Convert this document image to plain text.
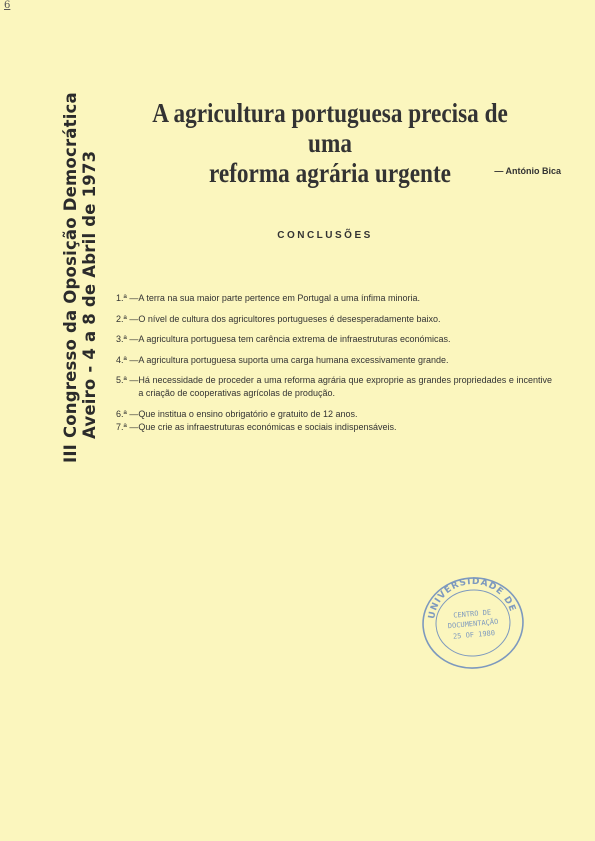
6
III Congresso da Oposição Democrática Aveiro - 4 a 8 de Abril de 1973
A agricultura portuguesa precisa de uma
reforma agrária urgente	— António Bica
CONCLUSÕES

1.ª — A terra na sua maior parte pertence em Portugal a uma ínfima minoria.

2.ª — O nível de cultura dos agricultores portugueses é desesperadamente baixo.

3.ª — A agricultura portuguesa tem carência extrema de infraestruturas económicas.

4.ª — A agricultura portuguesa suporta uma carga humana excessivamente grande.

5.ª — Há necessidade de proceder a uma reforma agrária que exproprie as grandes propriedades e incentive a criação de cooperativas agrícolas de produção.

6.ª — Que institua o ensino obrigatório e gratuito de 12 anos.

7.ª — Que crie as infraestruturas económicas e sociais indispensáveis.

UNIVERSIDADE DE
CENTRO DE
DOCUMENTAÇÃO
25 OF 1980
